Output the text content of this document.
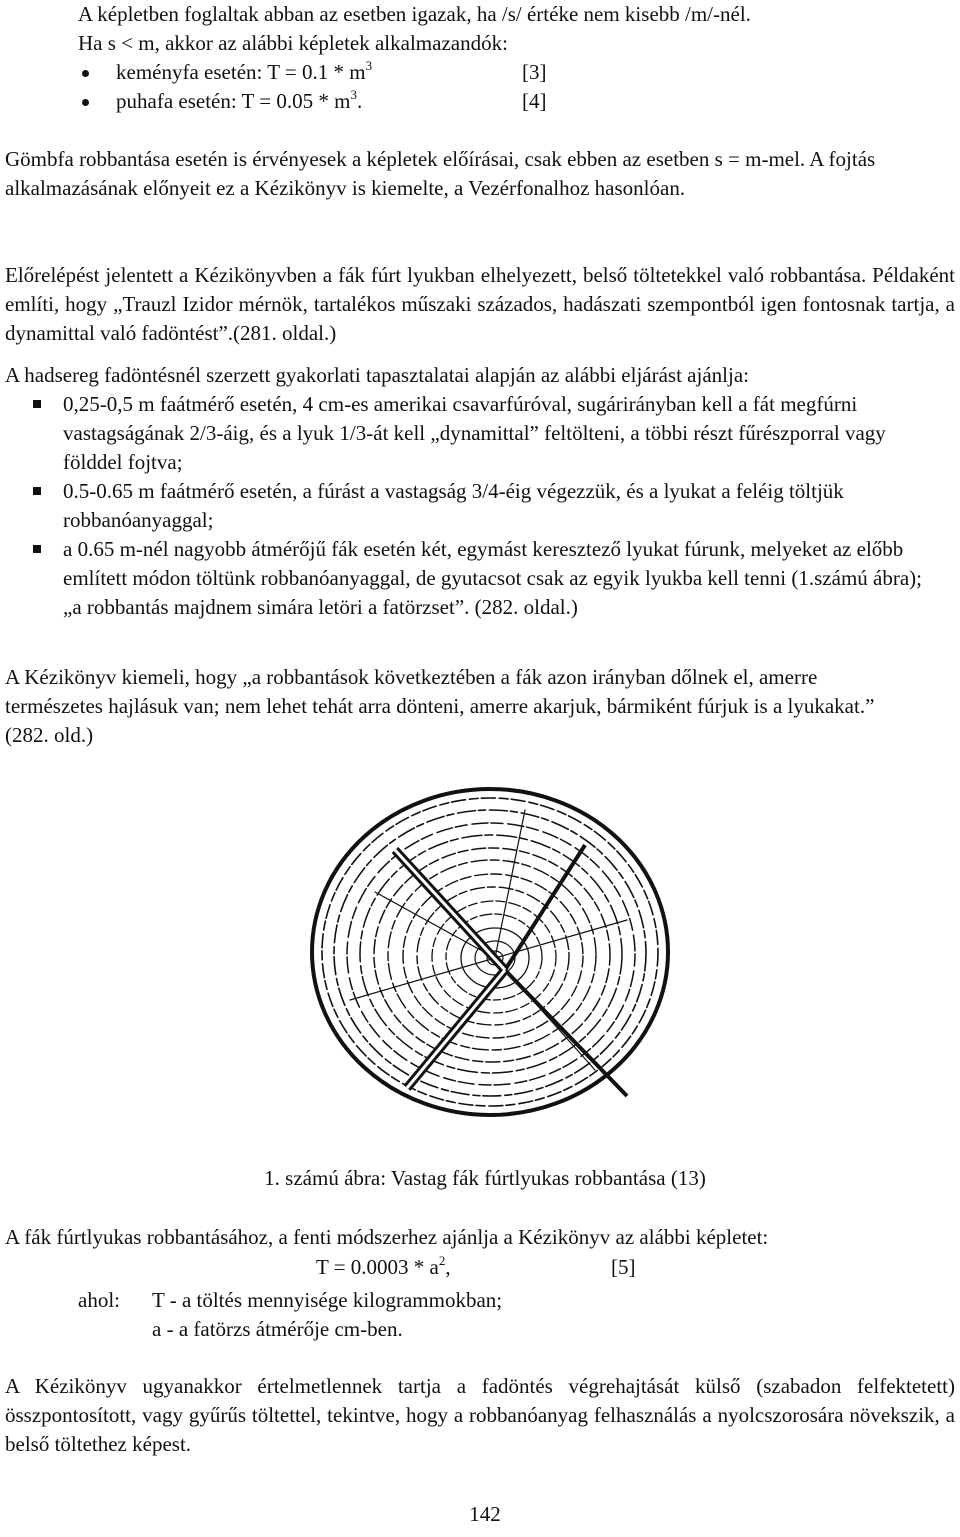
A képletben foglaltak abban az esetben igazak, ha /s/ értéke nem kisebb /m/-nél.

Ha s < m, akkor az alábbi képletek alkalmazandók:

keményfa esetén: $T = 0.1 * m^3$	[3]
puhafa esetén: $T = 0.05 * m^3$.	[4]

Gömbfa robbantása esetén is érvényesek a képletek előírásai, csak ebben az esetben s = m-mel. A fojtás alkalmazásának előnyeit ez a Kézikönyv is kiemelte, a Vezérfonalhoz hasonlóan.

Előrelépést jelentett a Kézikönyvben a fák fúrt lyukban elhelyezett, belső töltetekkel való robbantása. Példaként említi, hogy „Trauzl Izidor mérnök, tartalékos műszaki százados, hadászati szempontból igen fontosnak tartja, a dynamittal való fadöntést”.(281. oldal.)

A hadsereg fadöntésnél szerzett gyakorlati tapasztalatai alapján az alábbi eljárást ajánlja:

0,25-0,5 m faátmérő esetén, 4 cm-es amerikai csavarfúróval, sugárirányban kell a fát megfúrni vastagságának 2/3-áig, és a lyuk 1/3-át kell „dynamittal” feltölteni, a többi részt fűrészporral vagy földdel fojtva;
0.5-0.65 m faátmérő esetén, a fúrást a vastagság 3/4-éig végezzük, és a lyukat a feléig töltjük robbanóanyaggal;
a 0.65 m-nél nagyobb átmérőjű fák esetén két, egymást keresztező lyukat fúrunk, melyeket az előbb említett módon töltünk robbanóanyaggal, de gyutacsot csak az egyik lyukba kell tenni (1.számú ábra); „a robbantás majdnem simára letöri a fatörzset”. (282. oldal.)

A Kézikönyv kiemeli, hogy „a robbantások következtében a fák azon irányban dőlnek el, amerre természetes hajlásuk van; nem lehet tehát arra dönteni, amerre akarjuk, bármiként fúrjuk is a lyukakat.” (282. old.)

1. számú ábra: Vastag fák fúrtlyukas robbantása (13)

A fák fúrtlyukas robbantásához, a fenti módszerhez ajánlja a Kézikönyv az alábbi képletet:

$T = 0.0003 * a^2$,	[5]
ahol: T - a töltés mennyisége kilogrammokban;
a - a fatörzs átmérője cm-ben.

A Kézikönyv ugyanakkor értelmetlennek tartja a fadöntés végrehajtását külső (szabadon felfektetett) összpontosított, vagy gyűrűs töltettel, tekintve, hogy a robbanóanyag felhasználás a nyolcszorosára növekszik, a belső töltethez képest.

142
